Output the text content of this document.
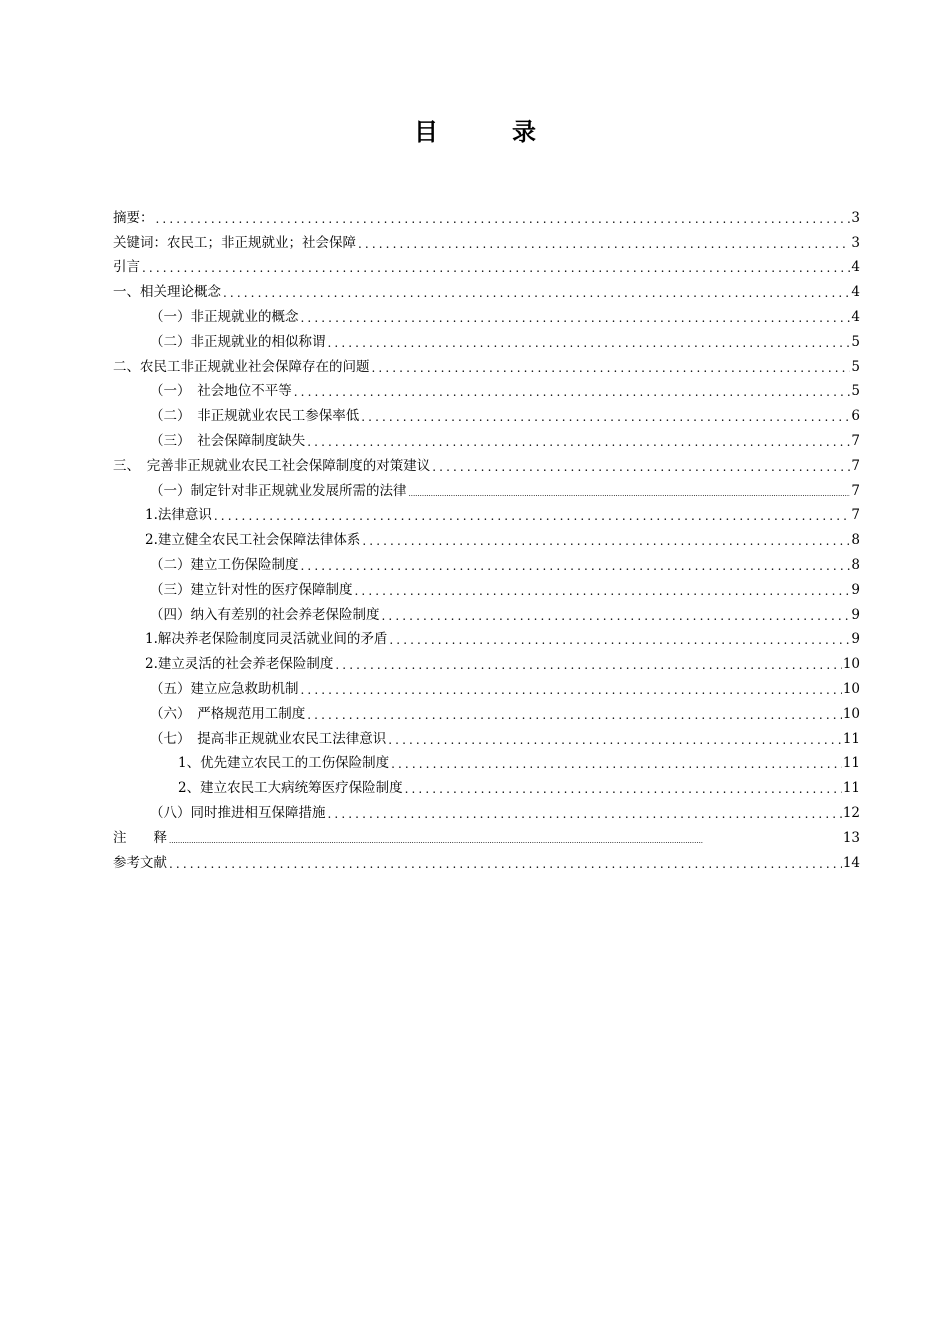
目	录
摘要： .....	3
关键词：农民工；非正规就业；社会保障 .....	3
引言 .....	4
一、相关理论概念 .....	4
（一）非正规就业的概念 .....	4
（二）非正规就业的相似称谓 .....	5
二、农民工非正规就业社会保障存在的问题 .....	5
（一）　社会地位不平等 .....	5
（二）　非正规就业农民工参保率低 .....	6
（三）　社会保障制度缺失 .....	7
三、　完善非正规就业农民工社会保障制度的对策建议 .....	7
（一）制定针对非正规就业发展所需的法律 .....	7
1.法律意识 .....	7
2.建立健全农民工社会保障法律体系 .....	8
（二）建立工伤保险制度 .....	8
（三）建立针对性的医疗保障制度 .....	9
（四）纳入有差别的社会养老保险制度 .....	9
1.解决养老保险制度同灵活就业间的矛盾 .....	9
2.建立灵活的社会养老保险制度 .....	10
（五）建立应急救助机制 .....	10
（六）　严格规范用工制度 .....	10
（七）　提高非正规就业农民工法律意识 .....	11
1、优先建立农民工的工伤保险制度 .....	11
2、建立农民工大病统筹医疗保险制度 .....	11
（八）同时推进相互保障措施 .....	12
注　　释 .....	13
参考文献 .....	14
